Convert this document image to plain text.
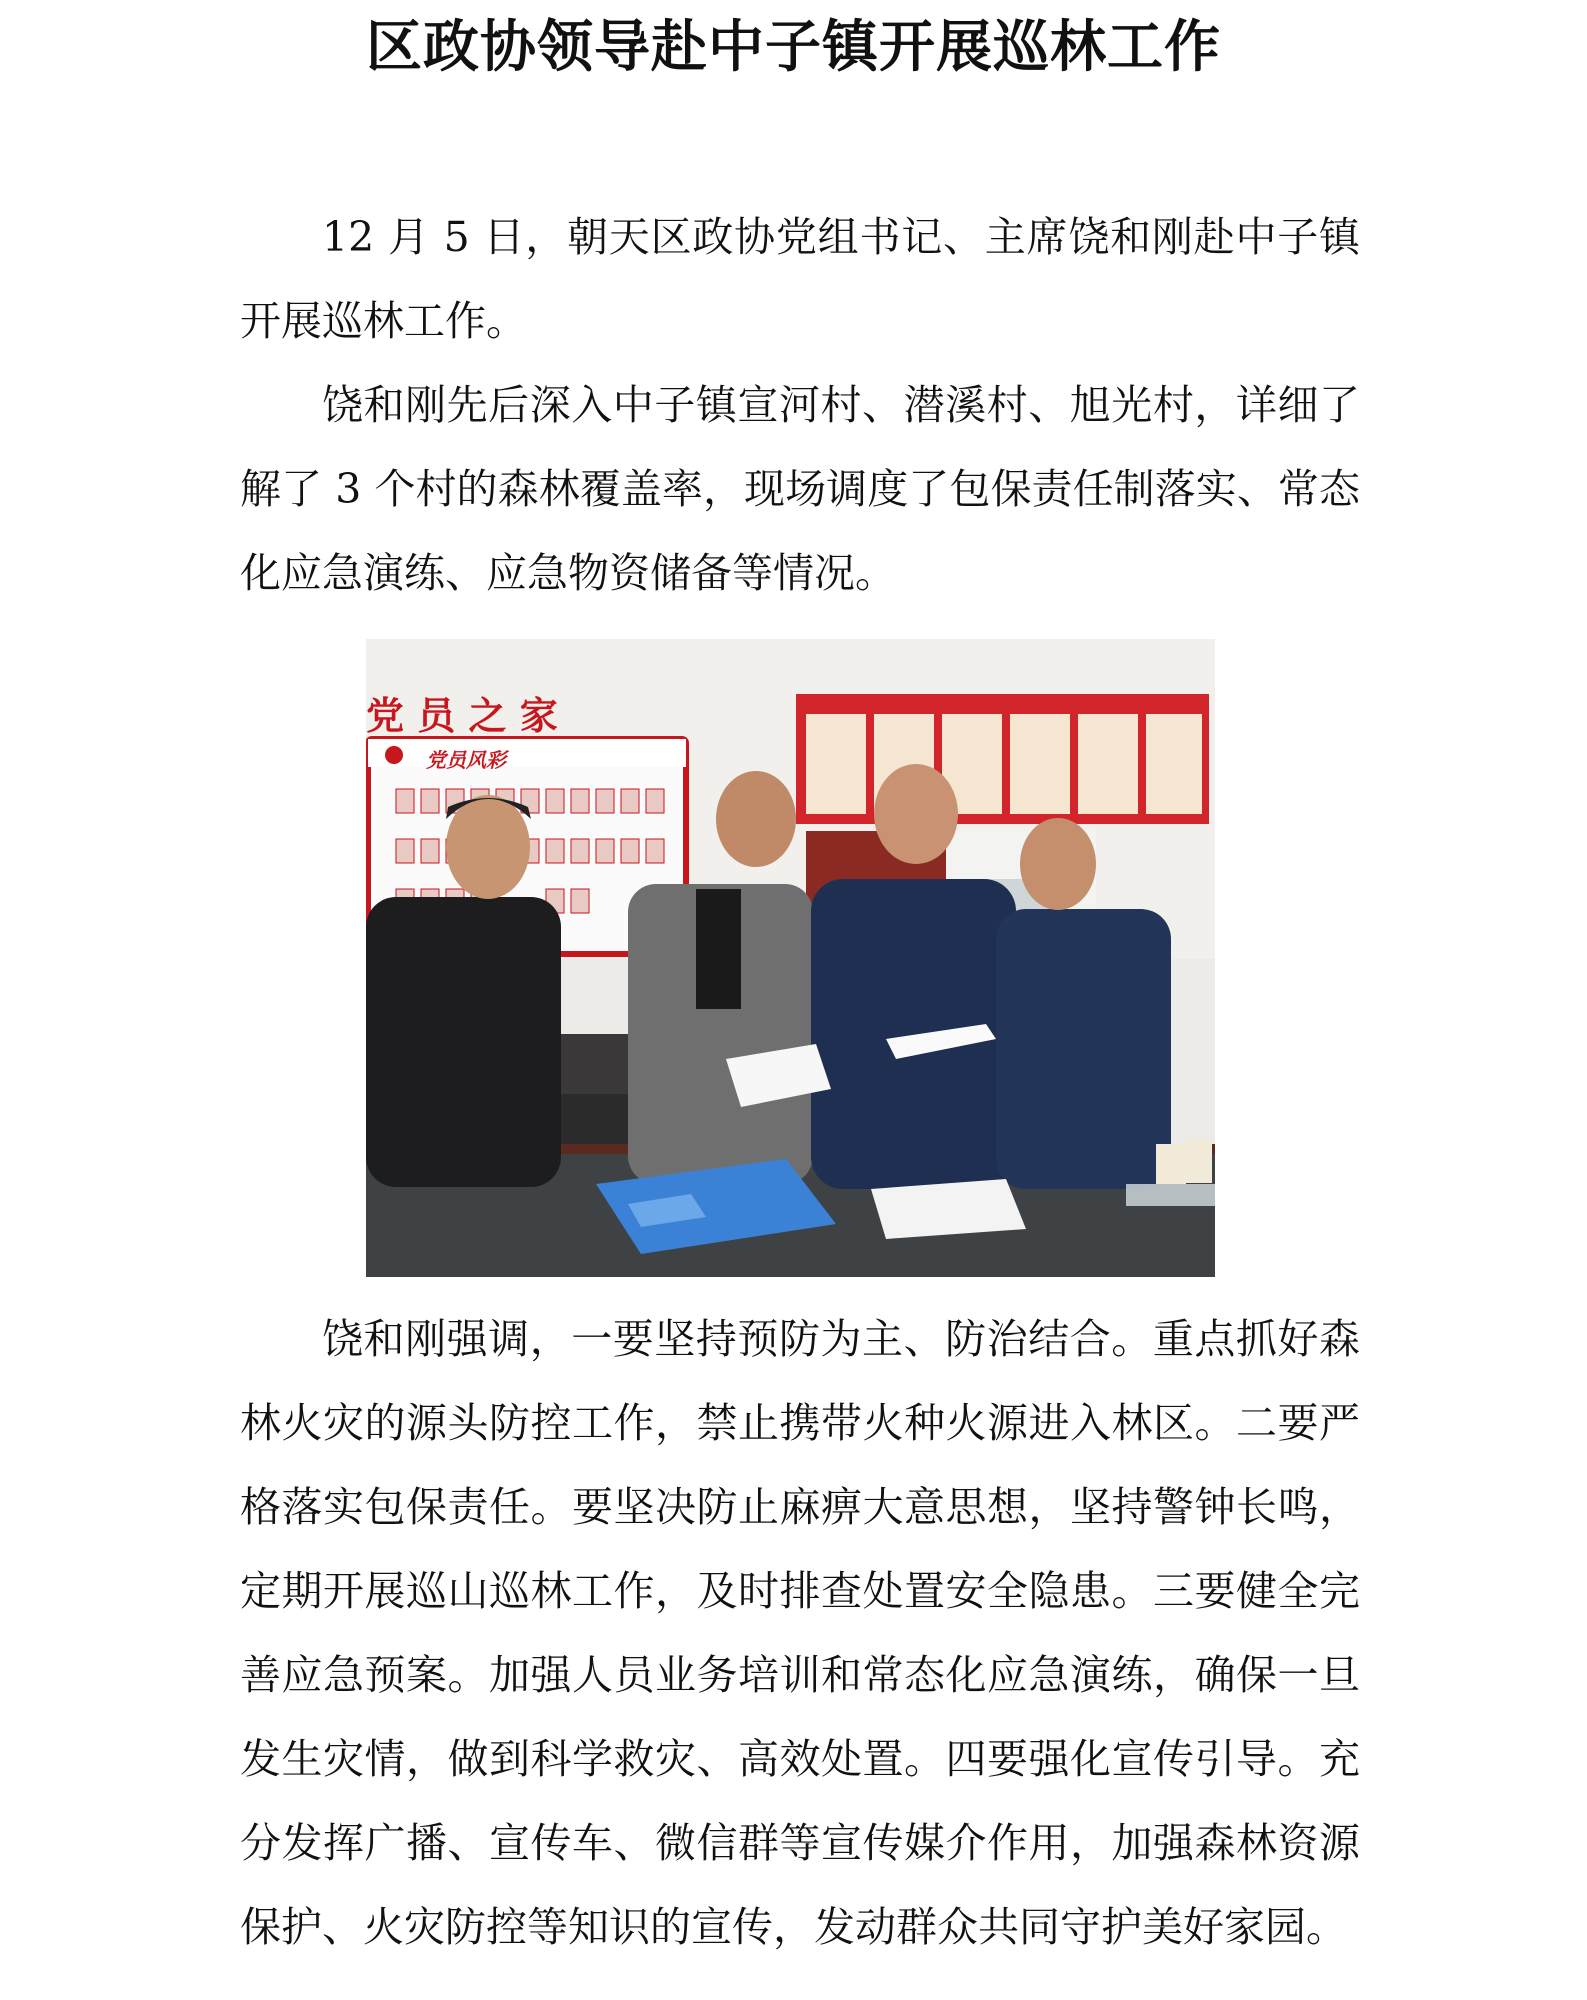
区政协领导赴中子镇开展巡林工作

12 月 5 日，朝天区政协党组书记、主席饶和刚赴中子镇开展巡林工作。

饶和刚先后深入中子镇宣河村、潜溪村、旭光村，详细了解了 3 个村的森林覆盖率，现场调度了包保责任制落实、常态化应急演练、应急物资储备等情况。

党 员 之 家
党员风彩

饶和刚强调，一要坚持预防为主、防治结合。重点抓好森林火灾的源头防控工作，禁止携带火种火源进入林区。二要严格落实包保责任。要坚决防止麻痹大意思想，坚持警钟长鸣，定期开展巡山巡林工作，及时排查处置安全隐患。三要健全完善应急预案。加强人员业务培训和常态化应急演练，确保一旦发生灾情，做到科学救灾、高效处置。四要强化宣传引导。充分发挥广播、宣传车、微信群等宣传媒介作用，加强森林资源保护、火灾防控等知识的宣传，发动群众共同守护美好家园。
